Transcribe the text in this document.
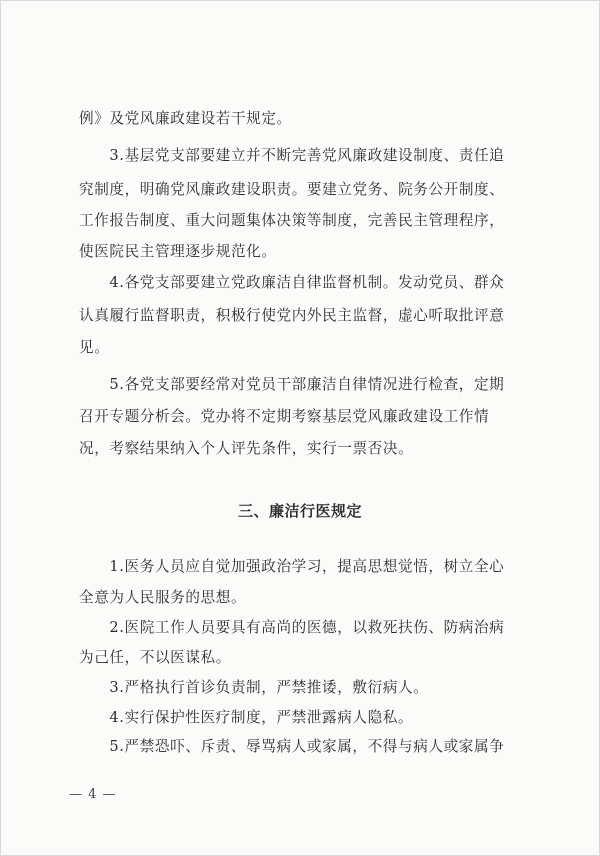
例》及党风廉政建设若干规定。
　　3.基层党支部要建立并不断完善党风廉政建设制度、责任追
究制度，明确党风廉政建设职责。要建立党务、院务公开制度、
工作报告制度、重大问题集体决策等制度，完善民主管理程序，
使医院民主管理逐步规范化。
　　4.各党支部要建立党政廉洁自律监督机制。发动党员、群众
认真履行监督职责，积极行使党内外民主监督，虚心听取批评意
见。
　　5.各党支部要经常对党员干部廉洁自律情况进行检查，定期
召开专题分析会。党办将不定期考察基层党风廉政建设工作情
况，考察结果纳入个人评先条件，实行一票否决。
三、廉洁行医规定
　　1.医务人员应自觉加强政治学习，提高思想觉悟，树立全心
全意为人民服务的思想。
　　2.医院工作人员要具有高尚的医德，以救死扶伤、防病治病
为己任，不以医谋私。
　　3.严格执行首诊负责制，严禁推诿，敷衍病人。
　　4.实行保护性医疗制度，严禁泄露病人隐私。
　　5.严禁恐吓、斥责、辱骂病人或家属，不得与病人或家属争
— 4 —
